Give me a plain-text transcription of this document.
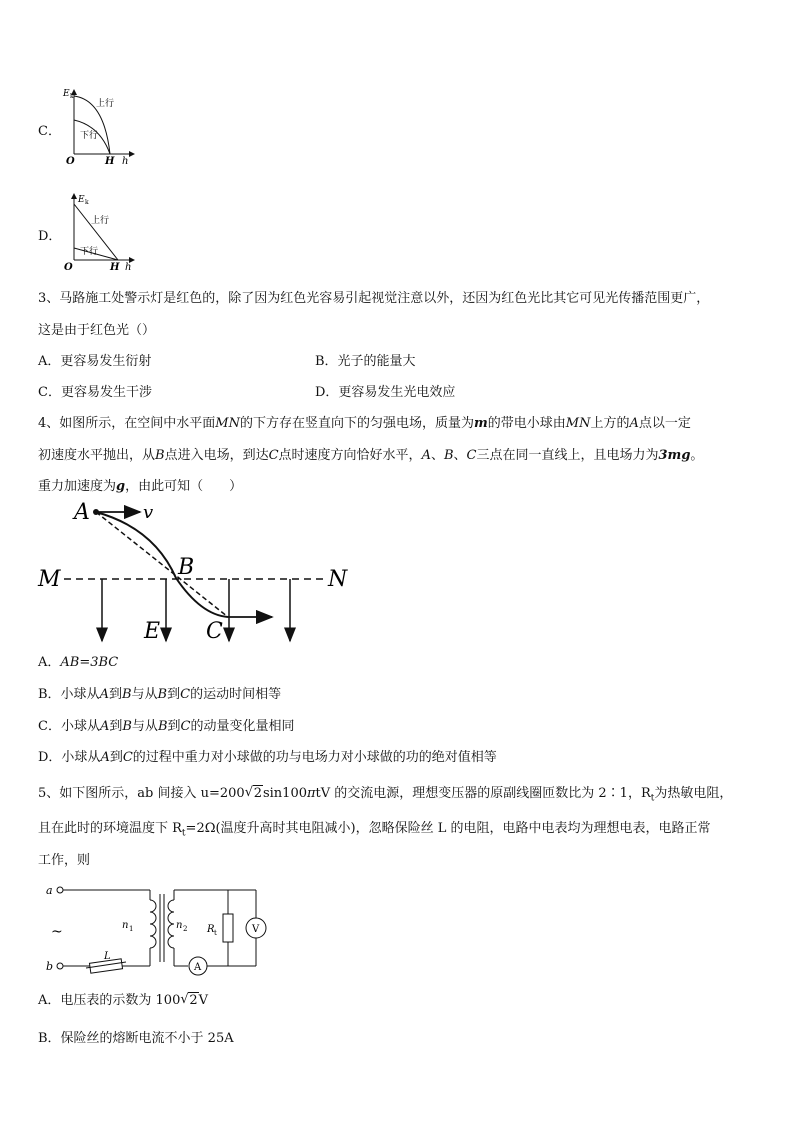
C．
E k
上行
下行
O	H h
D．
E k
上行
下行
O	H h
3、马路施工处警示灯是红色的，除了因为红色光容易引起视觉注意以外，还因为红色光比其它可见光传播范围更广，
这是由于红色光（）
A．更容易发生衍射	B．光子的能量大
C．更容易发生干涉	D．更容易发生光电效应
4、如图所示，在空间中水平面MN的下方存在竖直向下的匀强电场，质量为m的带电小球由MN上方的A点以一定
初速度水平抛出，从B点进入电场，到达C点时速度方向恰好水平，A、B、C三点在同一直线上，且电场力为3mg。
重力加速度为g，由此可知（　　）
M	N
E
A	v
B
C
A．AB=3BC
B．小球从A到B与从B到C的运动时间相等
C．小球从A到B与从B到C的动量变化量相同
D．小球从A到C的过程中重力对小球做的功与电场力对小球做的功的绝对值相等
5、如下图所示，ab 间接入 u=200 √ 2sin100πtV 的交流电源，理想变压器的原副线圈匝数比为 2∶1，$R_t$为热敏电阻，
且在此时的环境温度下 $R_t=2\Omega$(温度升高时其电阻减小)，忽略保险丝 L 的电阻，电路中电表均为理想电表，电路正常
工作，则
a
b
~
L
n 1	n 2
A
R t	V
A．电压表的示数为 100 √ 2V
B．保险丝的熔断电流不小于 25A
